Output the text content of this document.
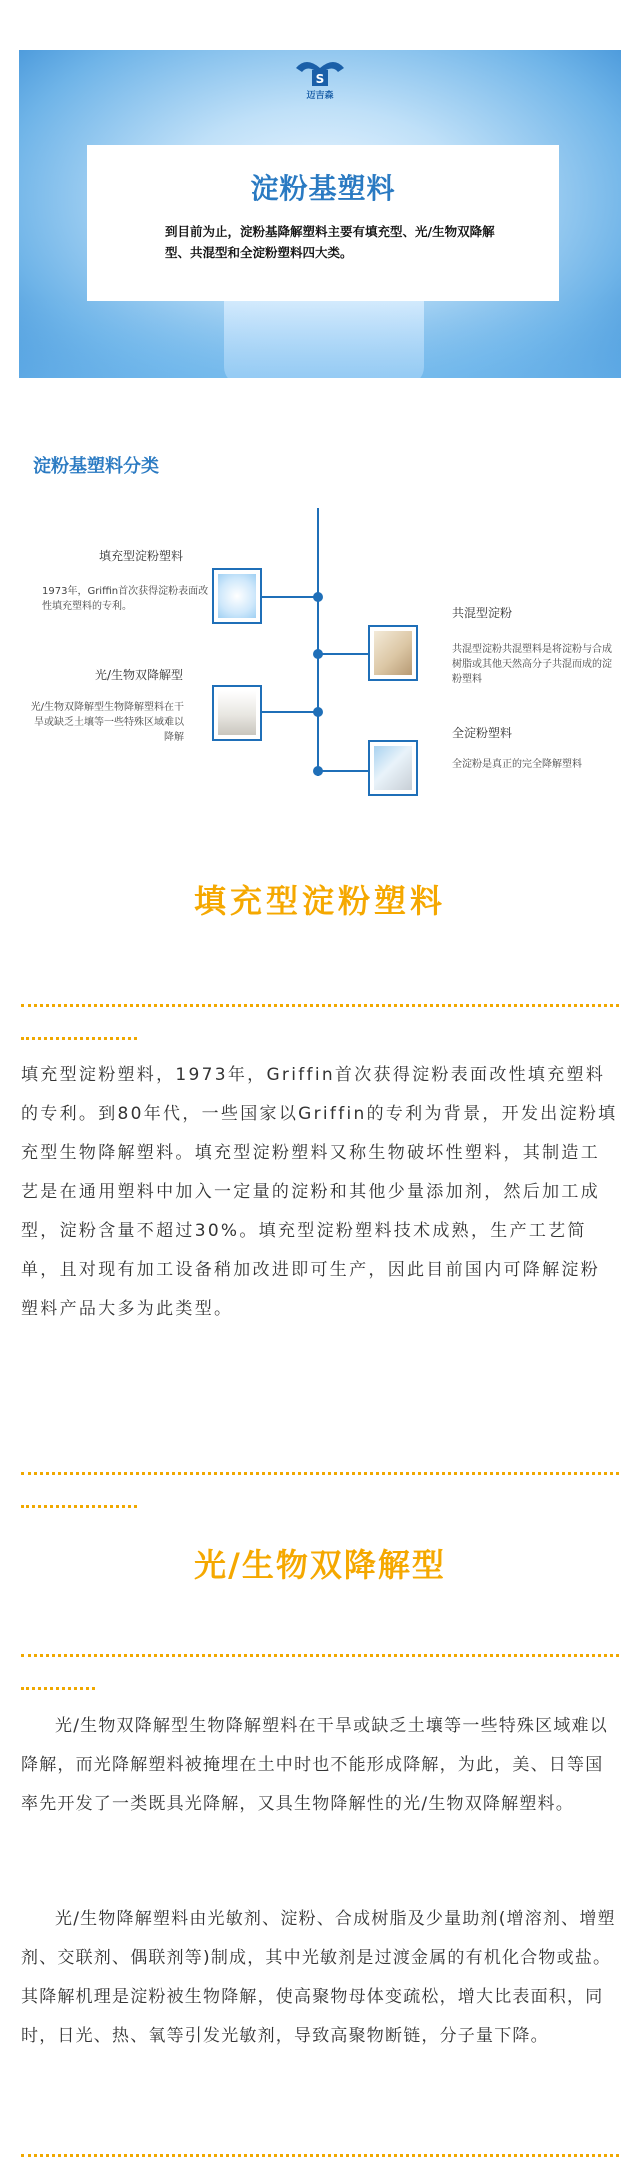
S
迈吉森
淀粉基塑料
到目前为止，淀粉基降解塑料主要有填充型、光/生物双降解型、共混型和全淀粉塑料四大类。
淀粉基塑料分类
填充型淀粉塑料
1973年，Griffin首次获得淀粉表面改性填充塑料的专利。	共混型淀粉
共混型淀粉共混塑料是将淀粉与合成树脂或其他天然高分子共混而成的淀粉塑料
光/生物双降解型
光/生物双降解型生物降解塑料在干旱或缺乏土壤等一些特殊区域难以降解	全淀粉塑料
全淀粉是真正的完全降解塑料
填充型淀粉塑料
填充型淀粉塑料，1973年，Griffin首次获得淀粉表面改性填充塑料的专利。到80年代，一些国家以Griffin的专利为背景，开发出淀粉填充型生物降解塑料。填充型淀粉塑料又称生物破坏性塑料，其制造工艺是在通用塑料中加入一定量的淀粉和其他少量添加剂，然后加工成型，淀粉含量不超过30%。填充型淀粉塑料技术成熟，生产工艺简单，且对现有加工设备稍加改进即可生产，因此目前国内可降解淀粉塑料产品大多为此类型。
光/生物双降解型
光/生物双降解型生物降解塑料在干旱或缺乏土壤等一些特殊区域难以降解，而光降解塑料被掩埋在土中时也不能形成降解，为此，美、日等国率先开发了一类既具光降解，又具生物降解性的光/生物双降解塑料。
光/生物降解塑料由光敏剂、淀粉、合成树脂及少量助剂(增溶剂、增塑剂、交联剂、偶联剂等)制成，其中光敏剂是过渡金属的有机化合物或盐。其降解机理是淀粉被生物降解，使高聚物母体变疏松，增大比表面积，同时，日光、热、氧等引发光敏剂，导致高聚物断链，分子量下降。
